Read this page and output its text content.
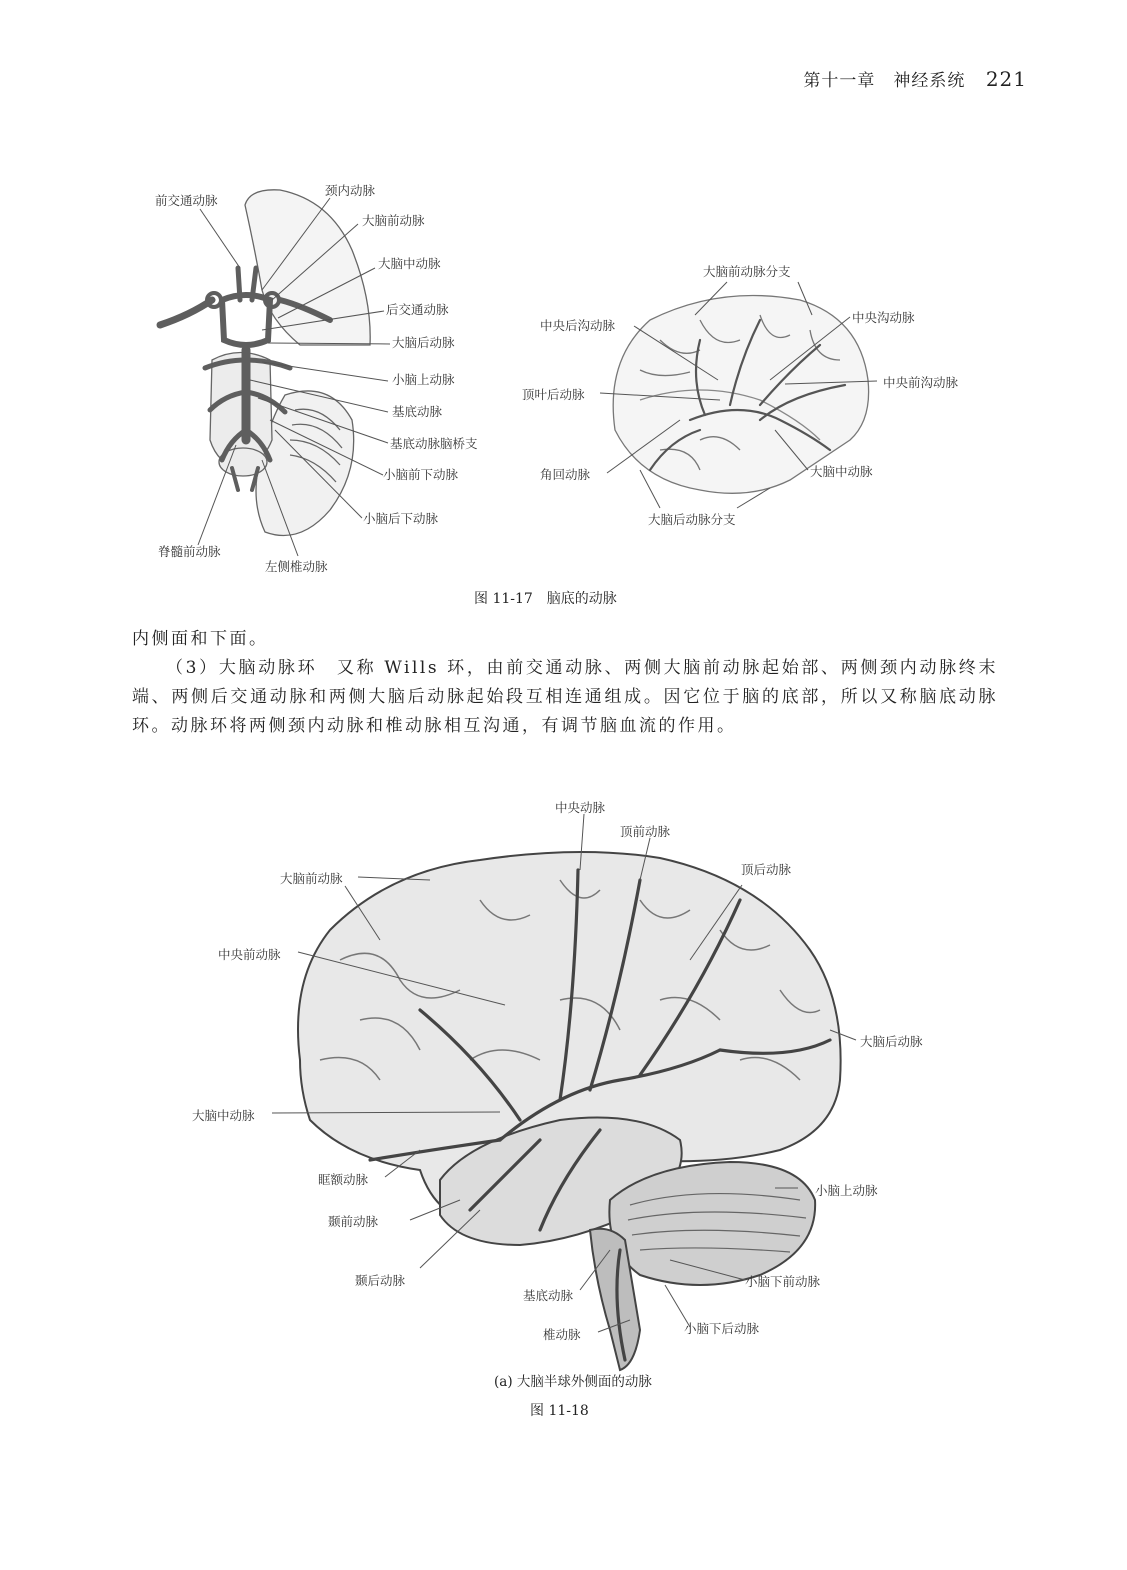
第十一章　神经系统 221
前交通动脉
颈内动脉
大脑前动脉
大脑中动脉
后交通动脉
大脑后动脉
小脑上动脉
基底动脉
基底动脉脑桥支
小脑前下动脉
小脑后下动脉
脊髓前动脉
左侧椎动脉
大脑前动脉分支
中央沟动脉
中央后沟动脉
中央前沟动脉
顶叶后动脉
角回动脉	大脑中动脉
大脑后动脉分支
图 11-17　脑底的动脉
内侧面和下面。
（3）大脑动脉环　又称 Wills 环，由前交通动脉、两侧大脑前动脉起始部、两侧颈内动脉终末端、两侧后交通动脉和两侧大脑后动脉起始段互相连通组成。因它位于脑的底部，所以又称脑底动脉环。动脉环将两侧颈内动脉和椎动脉相互沟通，有调节脑血流的作用。
中央动脉
顶前动脉
顶后动脉
大脑前动脉
中央前动脉
大脑后动脉
大脑中动脉
眶额动脉
小脑上动脉
颞前动脉
颞后动脉	小脑下前动脉
基底动脉
椎动脉	小脑下后动脉
(a) 大脑半球外侧面的动脉
图 11-18
